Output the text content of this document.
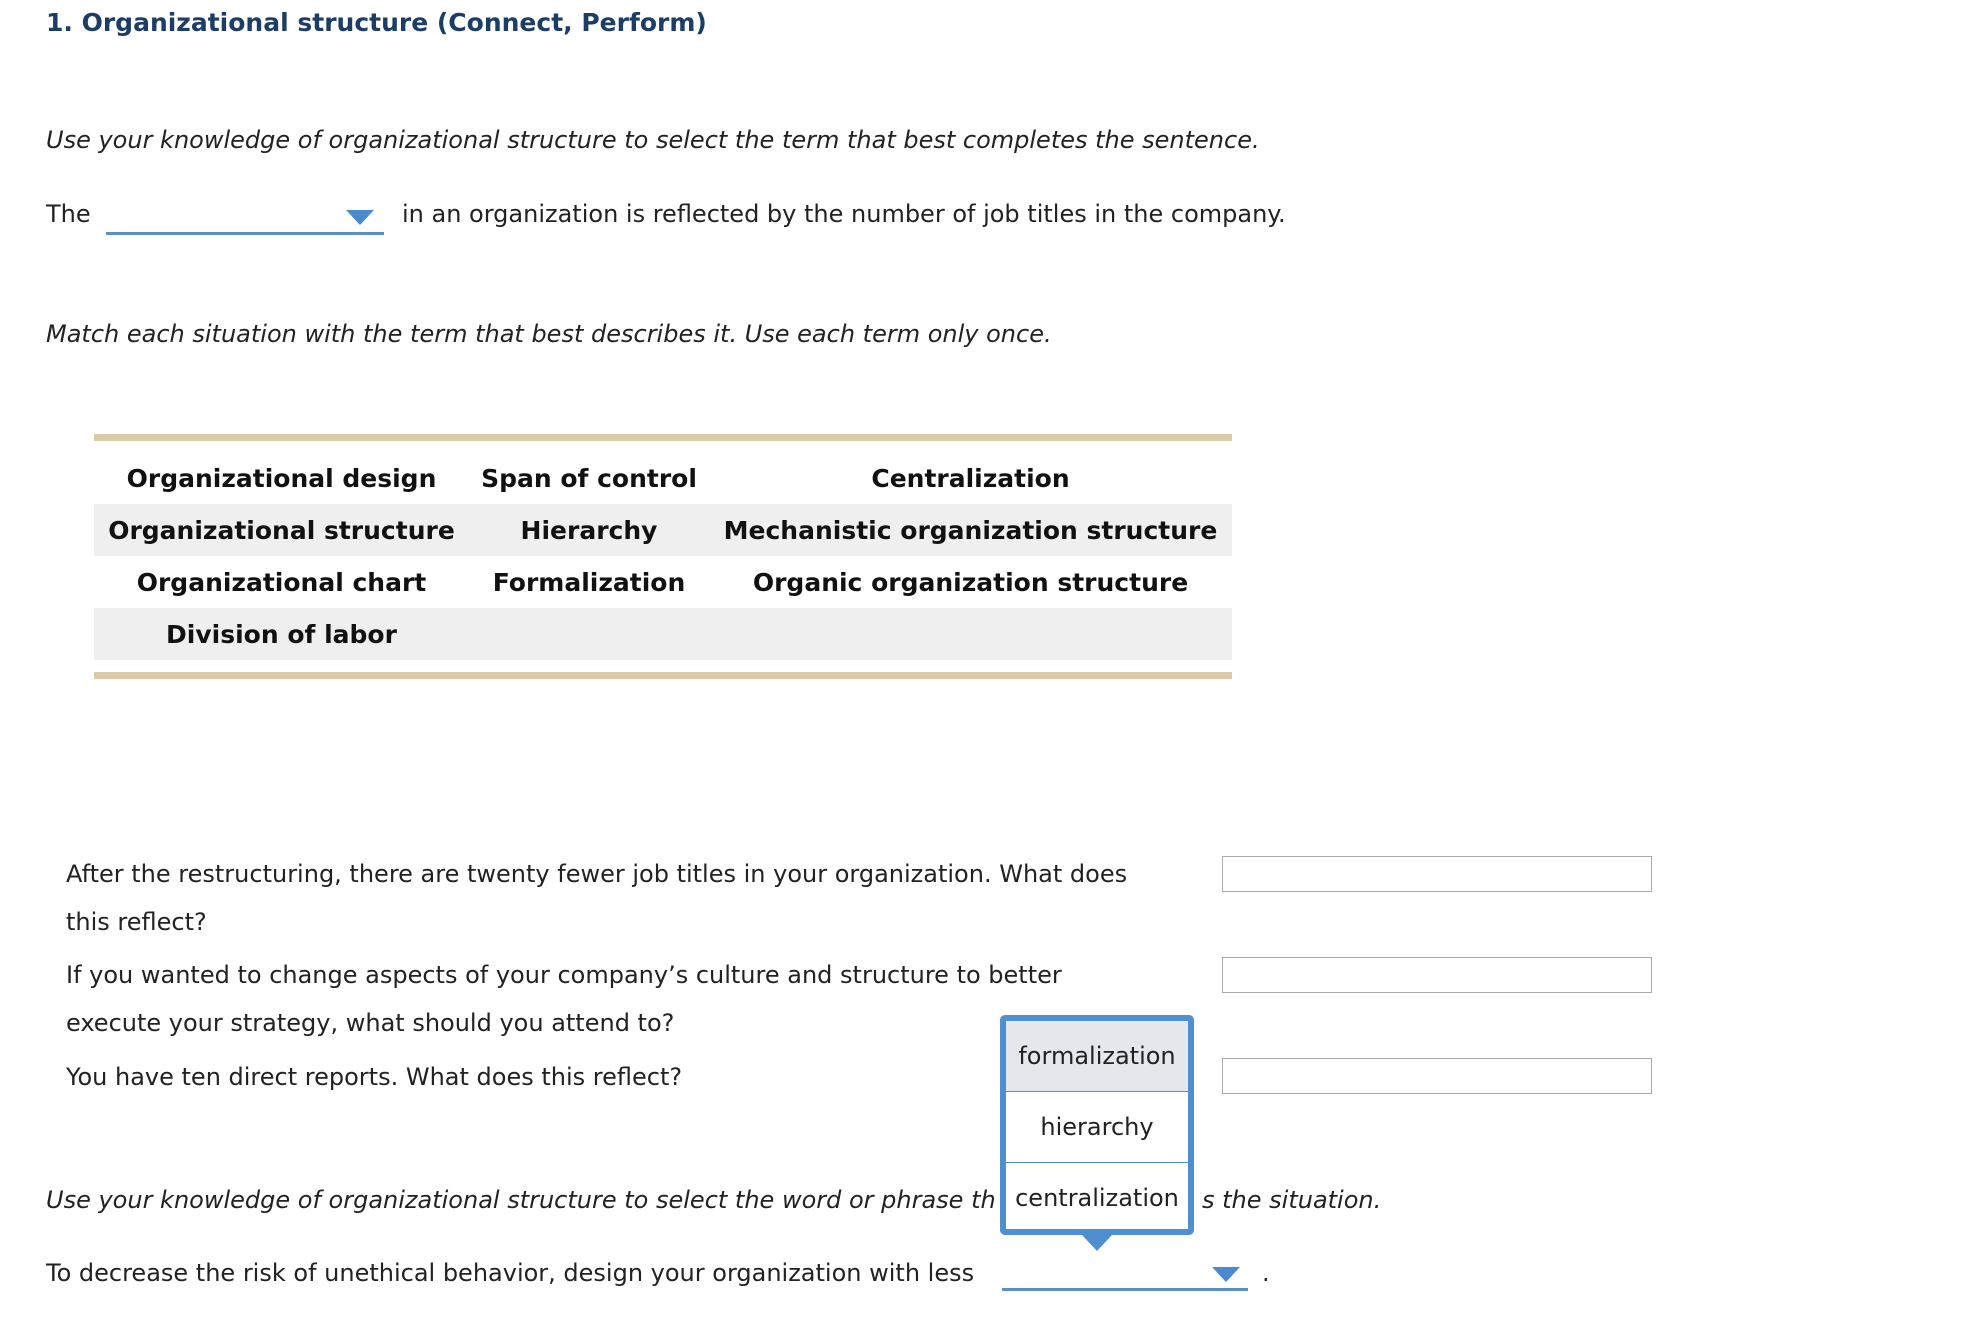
1. Organizational structure (Connect, Perform)
Use your knowledge of organizational structure to select the term that best completes the sentence.
The	in an organization is reflected by the number of job titles in the company.
Match each situation with the term that best describes it. Use each term only once.
Organizational design	Span of control	Centralization
Organizational structure	Hierarchy	Mechanistic organization structure
Organizational chart	Formalization	Organic organization structure
Division of labor
After the restructuring, there are twenty fewer job titles in your organization. What does
this reflect?
If you wanted to change aspects of your company’s culture and structure to better
execute your strategy, what should you attend to?
You have ten direct reports. What does this reflect?
Use your knowledge of organizational structure to select the word or phrase th	s the situation.
To decrease the risk of unethical behavior, design your organization with less	.
formalization
hierarchy
centralization
